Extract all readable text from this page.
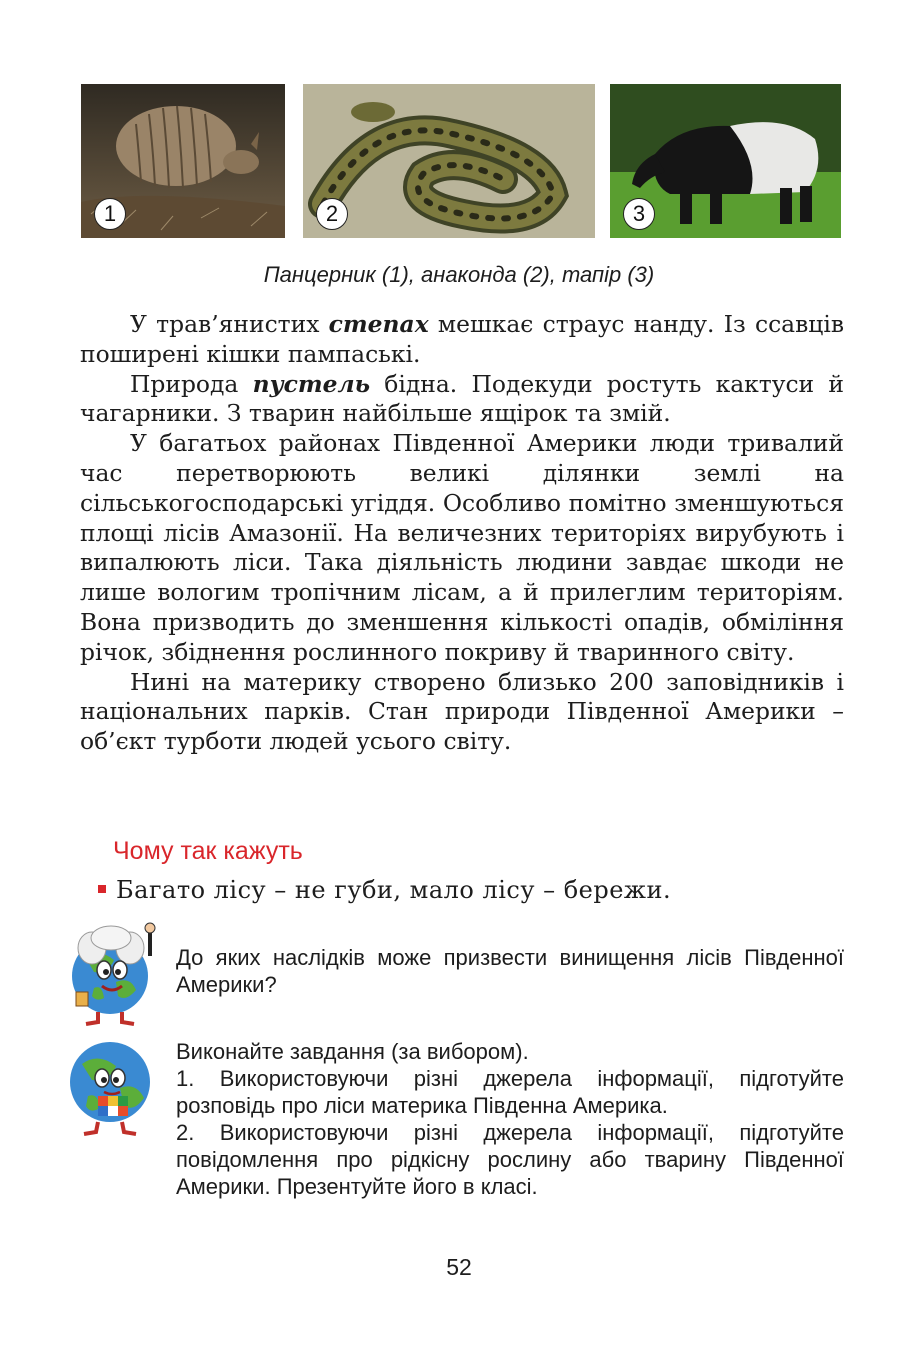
1	2	3
Панцерник (1), анаконда (2), тапір (3)

У трав’янистих степах мешкає страус нанду. Із ссавців поширені кішки пампаські.

Природа пустель бідна. Подекуди ростуть кактуси й чагарники. З тварин найбільше ящірок та змій.

У багатьох районах Південної Америки люди тривалий час перетворюють великі ділянки землі на сільськогосподарські угіддя. Особливо помітно зменшуються площі лісів Амазонії. На величезних територіях вирубують і випалюють ліси. Така діяльність людини завдає шкоди не лише вологим тропічним лісам, а й прилеглим територіям. Вона призводить до зменшення кількості опадів, обміління річок, збіднення рослинного покриву й тваринного світу.

Нині на материку створено близько 200 заповідників і національних парків. Стан природи Південної Америки – об’єкт турботи людей усього світу.

Чому так кажуть
Багато лісу – не губи, мало лісу – бережи.

До яких наслідків може призвести винищення лісів Південної Америки?

Виконайте завдання (за вибором).

1. Використовуючи різні джерела інформації, підготуйте розповідь про ліси материка Південна Америка.

2. Використовуючи різні джерела інформації, підготуйте повідомлення про рідкісну рослину або тварину Південної Америки. Презентуйте його в класі.

52
